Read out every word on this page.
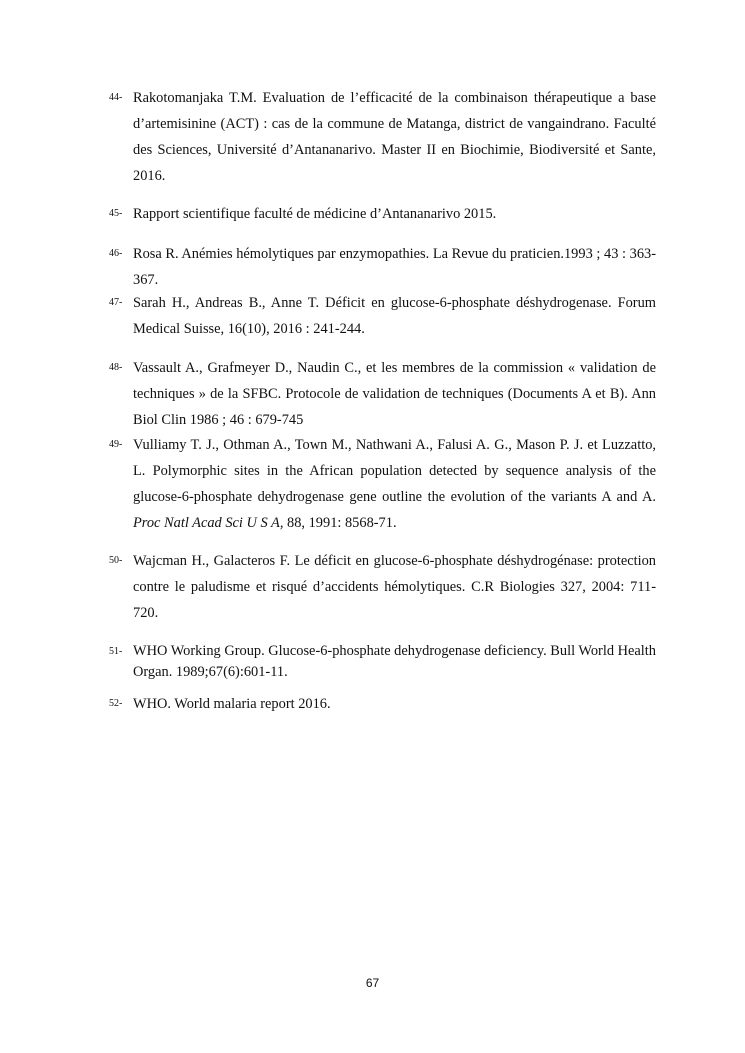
44- Rakotomanjaka T.M. Evaluation de l’efficacité de la combinaison thérapeutique a base d’artemisinine (ACT) : cas de la commune de Matanga, district de vangaindrano. Faculté des Sciences, Université d’Antananarivo. Master II en Biochimie, Biodiversité et Sante, 2016.
45- Rapport scientifique faculté de médicine d’Antananarivo 2015.
46- Rosa R. Anémies hémolytiques par enzymopathies. La Revue du praticien.1993 ; 43 : 363-367.
47- Sarah H., Andreas B., Anne T. Déficit en glucose-6-phosphate déshydrogenase. Forum Medical Suisse, 16(10), 2016 : 241-244.
48- Vassault A., Grafmeyer D., Naudin C., et les membres de la commission « validation de techniques » de la SFBC. Protocole de validation de techniques (Documents A et B). Ann Biol Clin 1986 ; 46 : 679-745
49- Vulliamy T. J., Othman A., Town M., Nathwani A., Falusi A. G., Mason P. J. et Luzzatto, L. Polymorphic sites in the African population detected by sequence analysis of the glucose-6-phosphate dehydrogenase gene outline the evolution of the variants A and A. Proc Natl Acad Sci U S A, 88, 1991: 8568-71.
50- Wajcman H., Galacteros F. Le déficit en glucose-6-phosphate déshydrogénase: protection contre le paludisme et risqué d’accidents hémolytiques. C.R Biologies 327, 2004: 711-720.
51- WHO Working Group. Glucose-6-phosphate dehydrogenase deficiency. Bull World Health Organ. 1989;67(6):601-11.
52- WHO. World malaria report 2016.
67
